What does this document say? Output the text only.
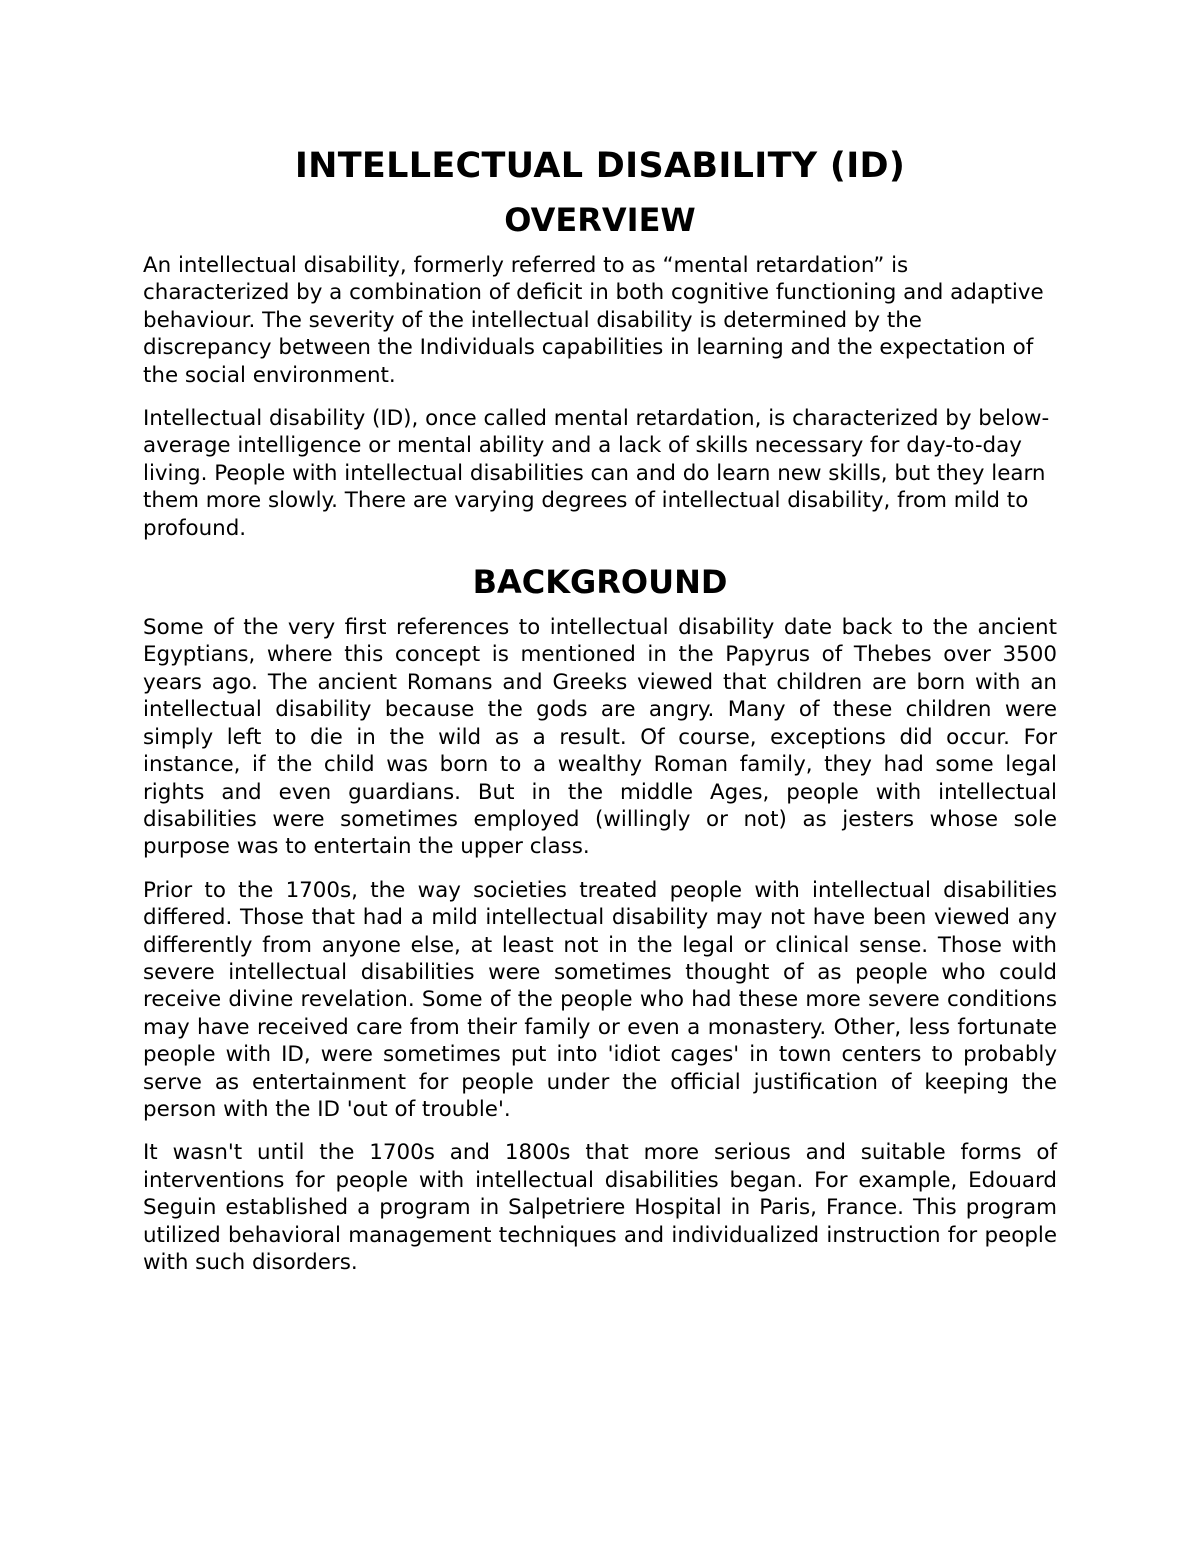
INTELLECTUAL DISABILITY (ID)
OVERVIEW

An intellectual disability, formerly referred to as “mental retardation” is characterized by a combination of deficit in both cognitive functioning and adaptive behaviour. The severity of the intellectual disability is determined by the discrepancy between the Individuals capabilities in learning and the expectation of the social environment.

Intellectual disability (ID), once called mental retardation, is characterized by below-average intelligence or mental ability and a lack of skills necessary for day-to-day living. People with intellectual disabilities can and do learn new skills, but they learn them more slowly. There are varying degrees of intellectual disability, from mild to profound.

BACKGROUND

Some of the very first references to intellectual disability date back to the ancient Egyptians, where this concept is mentioned in the Papyrus of Thebes over 3500 years ago. The ancient Romans and Greeks viewed that children are born with an intellectual disability because the gods are angry. Many of these children were simply left to die in the wild as a result. Of course, exceptions did occur. For instance, if the child was born to a wealthy Roman family, they had some legal rights and even guardians. But in the middle Ages, people with intellectual disabilities were sometimes employed (willingly or not) as jesters whose sole purpose was to entertain the upper class.

Prior to the 1700s, the way societies treated people with intellectual disabilities differed. Those that had a mild intellectual disability may not have been viewed any differently from anyone else, at least not in the legal or clinical sense. Those with severe intellectual disabilities were sometimes thought of as people who could receive divine revelation. Some of the people who had these more severe conditions may have received care from their family or even a monastery. Other, less fortunate people with ID, were sometimes put into 'idiot cages' in town centers to probably serve as entertainment for people under the official justification of keeping the person with the ID 'out of trouble'.

It wasn't until the 1700s and 1800s that more serious and suitable forms of interventions for people with intellectual disabilities began. For example, Edouard Seguin established a program in Salpetriere Hospital in Paris, France. This program utilized behavioral management techniques and individualized instruction for people with such disorders.
